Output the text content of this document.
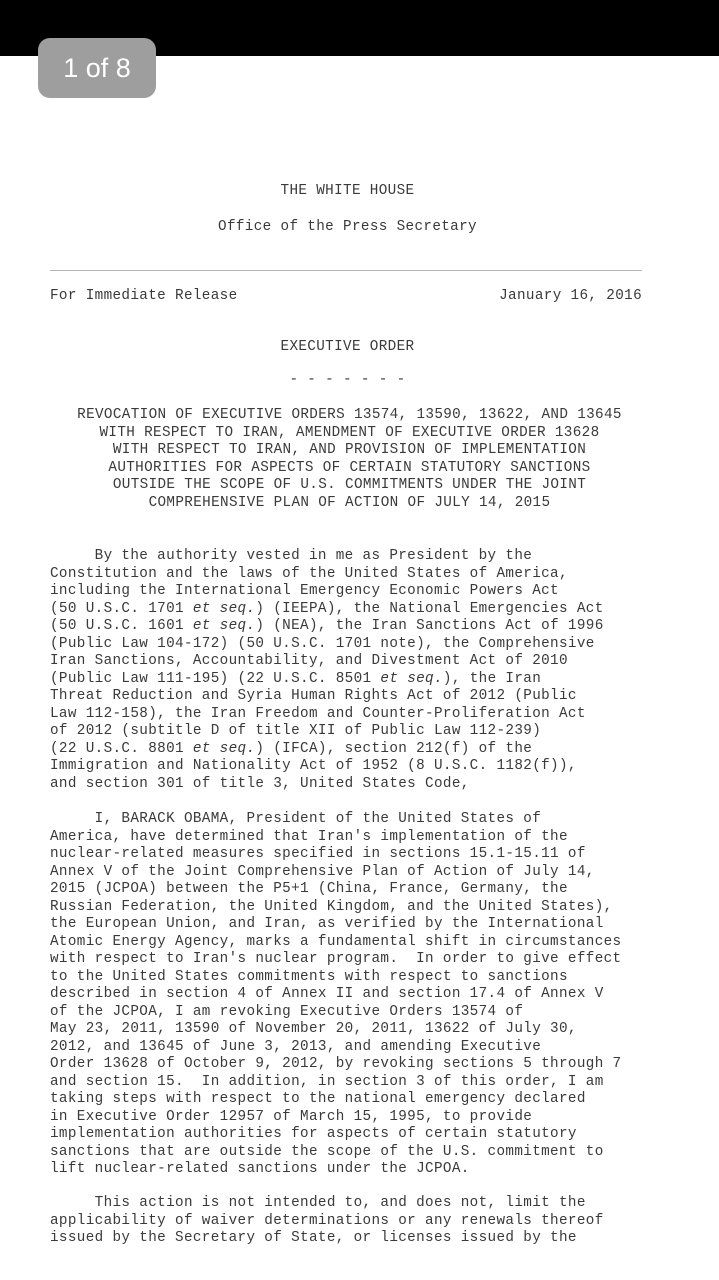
1 of 8
THE WHITE HOUSE
Office of the Press Secretary
For Immediate Release	January 16, 2016
EXECUTIVE ORDER
- - - - - - -
REVOCATION OF EXECUTIVE ORDERS 13574, 13590, 13622, AND 13645
WITH RESPECT TO IRAN, AMENDMENT OF EXECUTIVE ORDER 13628
WITH RESPECT TO IRAN, AND PROVISION OF IMPLEMENTATION
AUTHORITIES FOR ASPECTS OF CERTAIN STATUTORY SANCTIONS
OUTSIDE THE SCOPE OF U.S. COMMITMENTS UNDER THE JOINT
COMPREHENSIVE PLAN OF ACTION OF JULY 14, 2015
By the authority vested in me as President by the
Constitution and the laws of the United States of America,
including the International Emergency Economic Powers Act
(50 U.S.C. 1701 et seq.) (IEEPA), the National Emergencies Act
(50 U.S.C. 1601 et seq.) (NEA), the Iran Sanctions Act of 1996
(Public Law 104-172) (50 U.S.C. 1701 note), the Comprehensive
Iran Sanctions, Accountability, and Divestment Act of 2010
(Public Law 111-195) (22 U.S.C. 8501 et seq.), the Iran
Threat Reduction and Syria Human Rights Act of 2012 (Public
Law 112-158), the Iran Freedom and Counter-Proliferation Act
of 2012 (subtitle D of title XII of Public Law 112-239)
(22 U.S.C. 8801 et seq.) (IFCA), section 212(f) of the
Immigration and Nationality Act of 1952 (8 U.S.C. 1182(f)),
and section 301 of title 3, United States Code,
I, BARACK OBAMA, President of the United States of
America, have determined that Iran's implementation of the
nuclear-related measures specified in sections 15.1-15.11 of
Annex V of the Joint Comprehensive Plan of Action of July 14,
2015 (JCPOA) between the P5+1 (China, France, Germany, the
Russian Federation, the United Kingdom, and the United States),
the European Union, and Iran, as verified by the International
Atomic Energy Agency, marks a fundamental shift in circumstances
with respect to Iran's nuclear program.  In order to give effect
to the United States commitments with respect to sanctions
described in section 4 of Annex II and section 17.4 of Annex V
of the JCPOA, I am revoking Executive Orders 13574 of
May 23, 2011, 13590 of November 20, 2011, 13622 of July 30,
2012, and 13645 of June 3, 2013, and amending Executive
Order 13628 of October 9, 2012, by revoking sections 5 through 7
and section 15.  In addition, in section 3 of this order, I am
taking steps with respect to the national emergency declared
in Executive Order 12957 of March 15, 1995, to provide
implementation authorities for aspects of certain statutory
sanctions that are outside the scope of the U.S. commitment to
lift nuclear-related sanctions under the JCPOA.
This action is not intended to, and does not, limit the
applicability of waiver determinations or any renewals thereof
issued by the Secretary of State, or licenses issued by the
